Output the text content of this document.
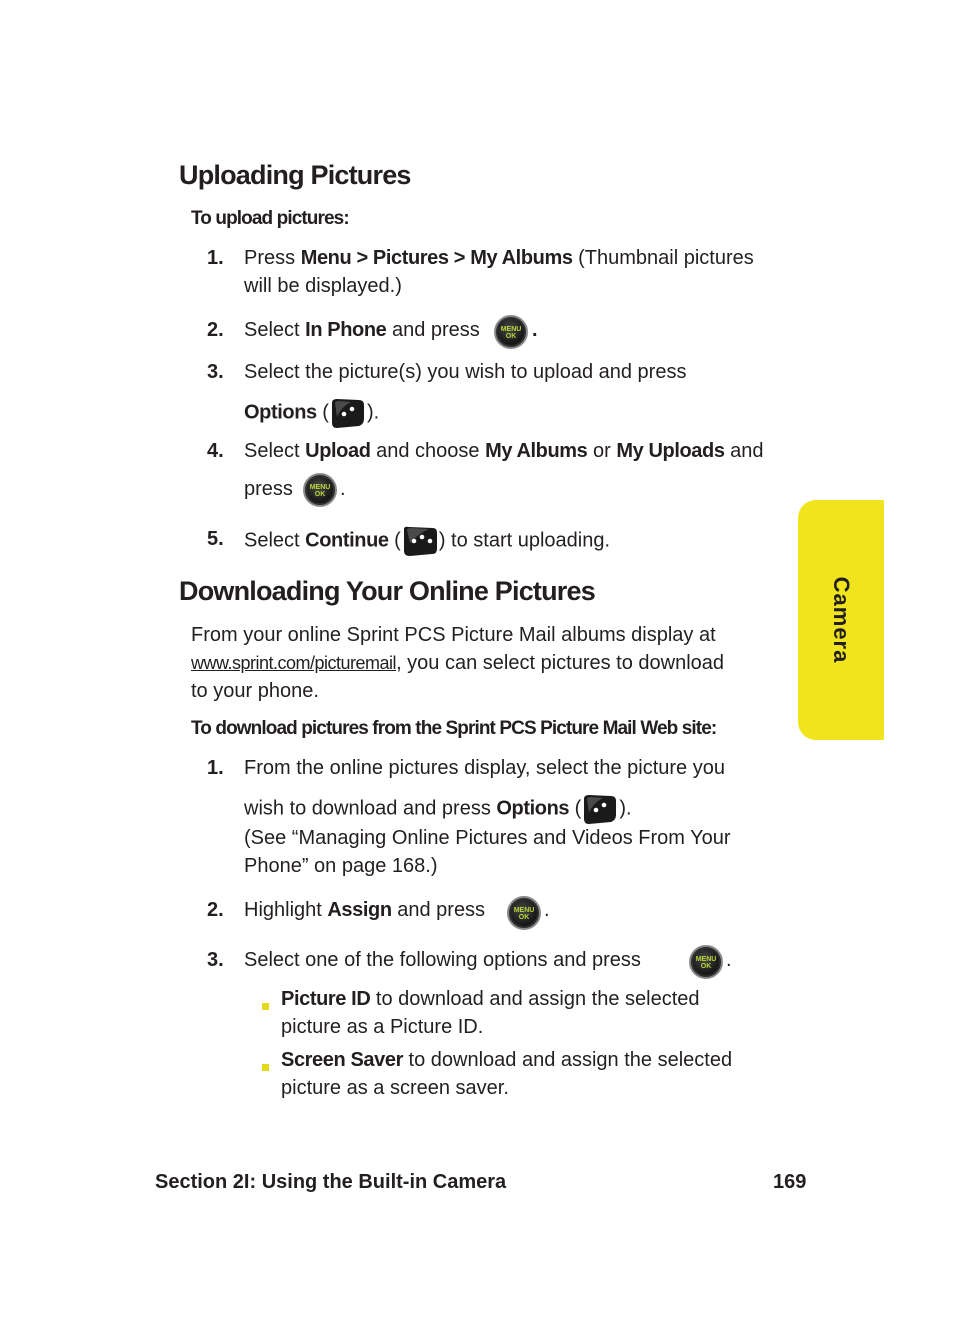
Camera
Uploading Pictures
To upload pictures:
1. Press Menu > Pictures > My Albums (Thumbnail pictures
will be displayed.)
2. Select In Phone and press	MENU
OK .
3. Select the picture(s) you wish to upload and press
Options ( ).
4. Select Upload and choose My Albums or My Uploads and
press	MENU
OK .
5. Select Continue ( ) to start uploading.
Downloading Your Online Pictures
From your online Sprint PCS Picture Mail albums display at
www.sprint.com/picturemail, you can select pictures to download
to your phone.
To download pictures from the Sprint PCS Picture Mail Web site:
1. From the online pictures display, select the picture you
wish to download and press Options ( ).
(See “Managing Online Pictures and Videos From Your
Phone” on page 168.)
2. Highlight Assign and press	MENU
OK .
3. Select one of the following options and press	MENU
OK .
Picture ID to download and assign the selected
picture as a Picture ID.
Screen Saver to download and assign the selected
picture as a screen saver.
Section 2I: Using the Built-in Camera	169
